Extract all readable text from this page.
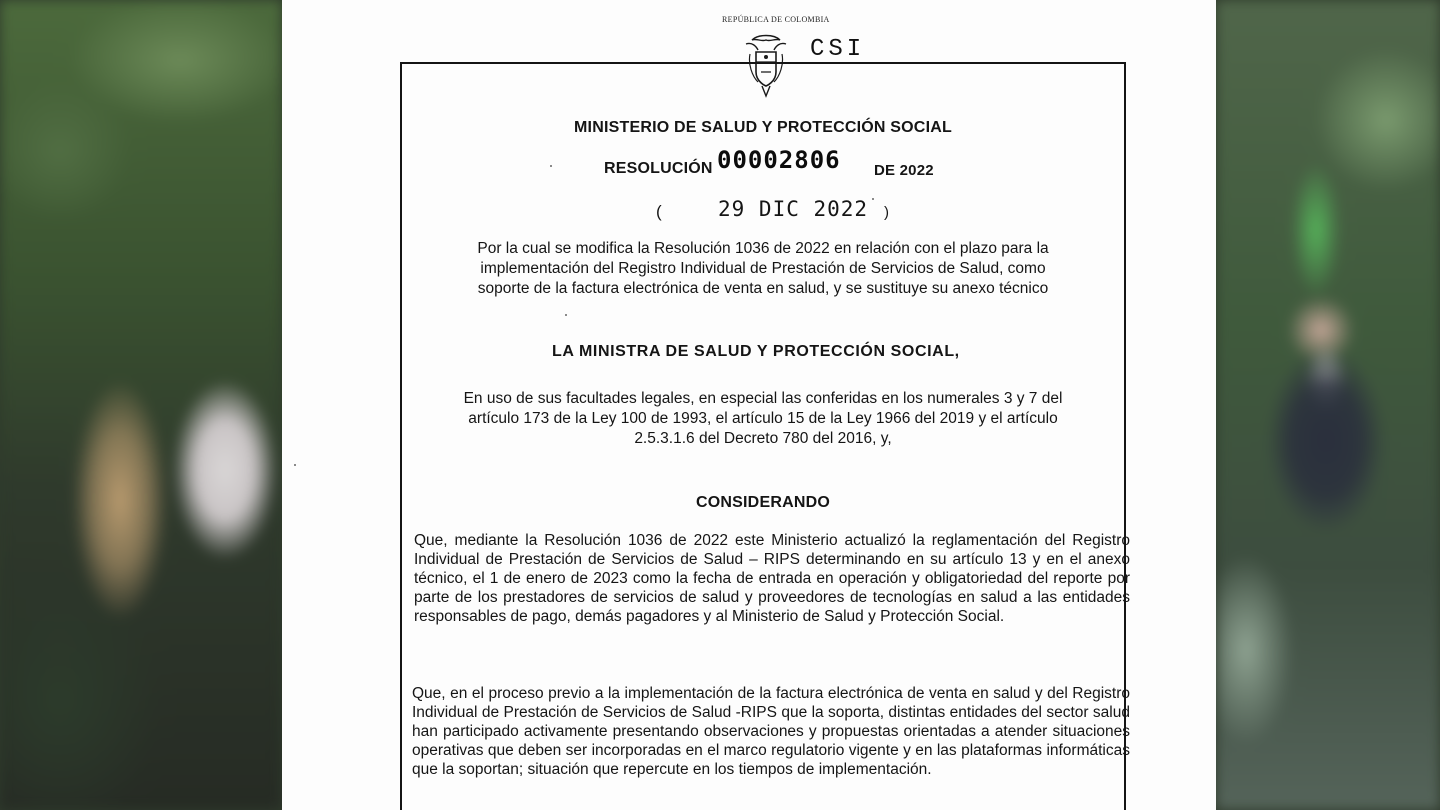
REPÚBLICA DE COLOMBIA
CSI
MINISTERIO DE SALUD Y PROTECCIÓN SOCIAL
RESOLUCIÓN 00002806 DE 2022
(	29 DIC 2022 )
Por la cual se modifica la Resolución 1036 de 2022 en relación con el plazo para la
implementación del Registro Individual de Prestación de Servicios de Salud, como
soporte de la factura electrónica de venta en salud, y se sustituye su anexo técnico
LA MINISTRA DE SALUD Y PROTECCIÓN SOCIAL,
En uso de sus facultades legales, en especial las conferidas en los numerales 3 y 7 del
artículo 173 de la Ley 100 de 1993, el artículo 15 de la Ley 1966 del 2019 y el artículo
2.5.3.1.6 del Decreto 780 del 2016, y,
CONSIDERANDO
Que, mediante la Resolución 1036 de 2022 este Ministerio actualizó la reglamentación del Registro Individual de Prestación de Servicios de Salud – RIPS determinando en su artículo 13 y en el anexo técnico, el 1 de enero de 2023 como la fecha de entrada en operación y obligatoriedad del reporte por parte de los prestadores de servicios de salud y proveedores de tecnologías en salud a las entidades responsables de pago, demás pagadores y al Ministerio de Salud y Protección Social.
Que, en el proceso previo a la implementación de la factura electrónica de venta en salud y del Registro Individual de Prestación de Servicios de Salud -RIPS que la soporta, distintas entidades del sector salud han participado activamente presentando observaciones y propuestas orientadas a atender situaciones operativas que deben ser incorporadas en el marco regulatorio vigente y en las plataformas informáticas que la soportan; situación que repercute en los tiempos de implementación.
